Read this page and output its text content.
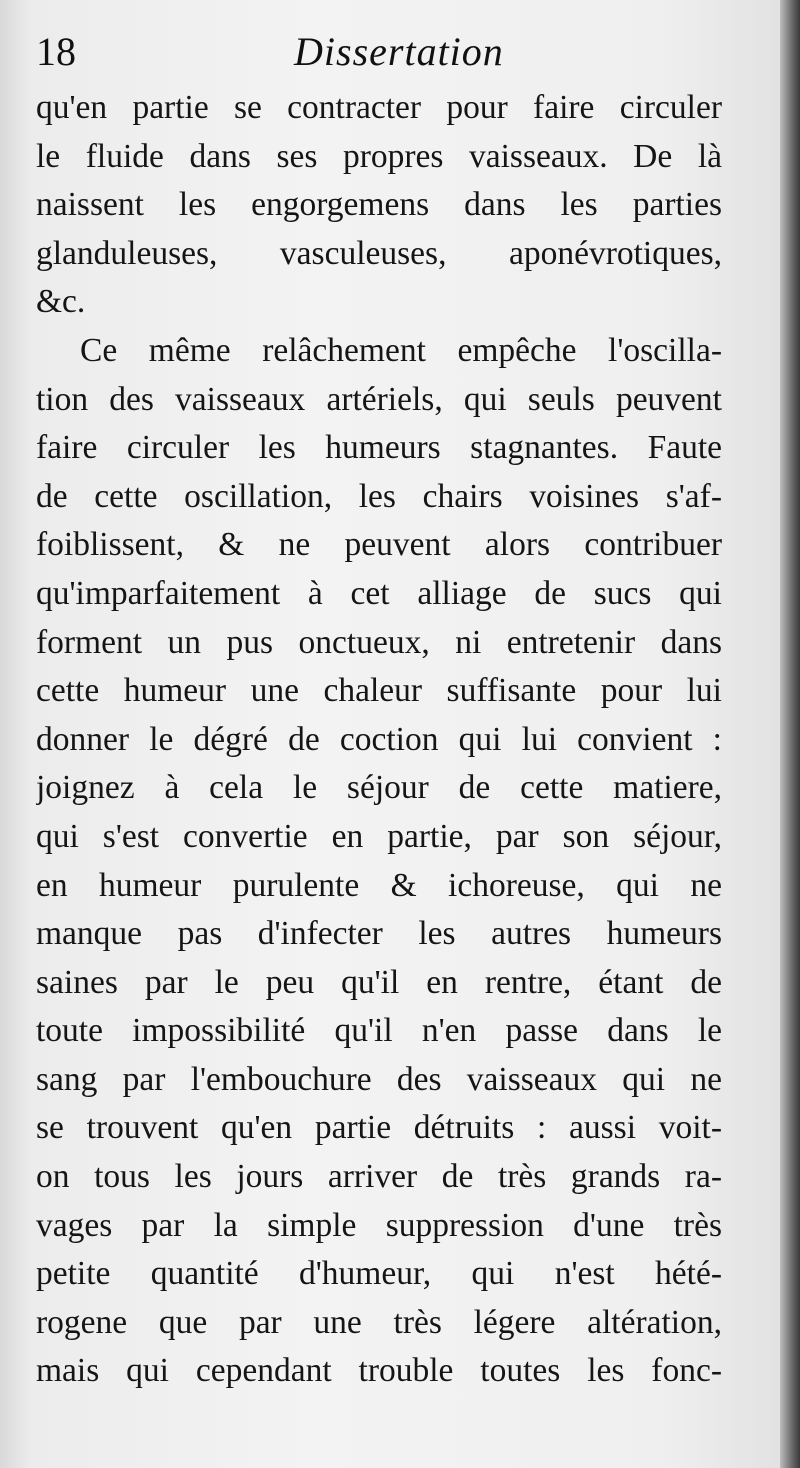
18	Dissertation
qu'en partie se contracter pour faire circuler
le fluide dans ses propres vaisseaux. De là
naissent les engorgemens dans les parties
glanduleuses, vasculeuses, aponévrotiques,
&c.
Ce même relâchement empêche l'oscilla-
tion des vaisseaux artériels, qui seuls peuvent
faire circuler les humeurs stagnantes. Faute
de cette oscillation, les chairs voisines s'af-
foiblissent, & ne peuvent alors contribuer
qu'imparfaitement à cet alliage de sucs qui
forment un pus onctueux, ni entretenir dans
cette humeur une chaleur suffisante pour lui
donner le dégré de coction qui lui convient :
joignez à cela le séjour de cette matiere,
qui s'est convertie en partie, par son séjour,
en humeur purulente & ichoreuse, qui ne
manque pas d'infecter les autres humeurs
saines par le peu qu'il en rentre, étant de
toute impossibilité qu'il n'en passe dans le
sang par l'embouchure des vaisseaux qui ne
se trouvent qu'en partie détruits : aussi voit-
on tous les jours arriver de très grands ra-
vages par la simple suppression d'une très
petite quantité d'humeur, qui n'est hété-
rogene que par une très légere altération,
mais qui cependant trouble toutes les fonc-
